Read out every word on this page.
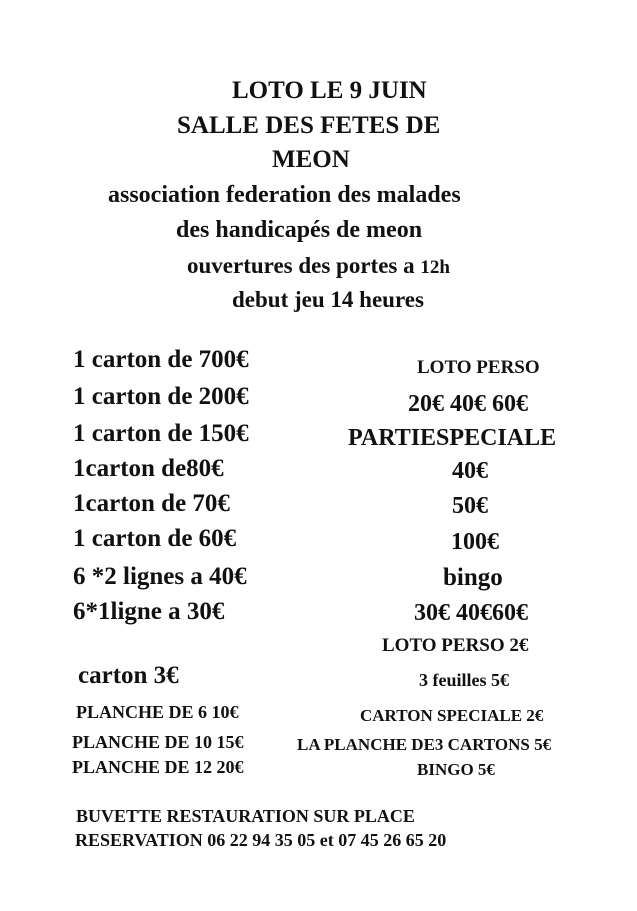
LOTO LE 9 JUIN
SALLE DES FETES DE
MEON
association federation des malades
des handicapés de meon
ouvertures des portes a 12h
debut jeu 14 heures
1 carton de 700€
1 carton de 200€
1 carton de 150€
1carton de80€
1carton de 70€
1 carton de 60€
6 *2 lignes a 40€
6*1ligne a 30€
LOTO PERSO
20€ 40€ 60€
PARTIESPECIALE
40€
50€
100€
bingo
30€ 40€60€
LOTO PERSO 2€
carton 3€
PLANCHE DE 6 10€
PLANCHE DE 10 15€
PLANCHE DE 12 20€
3 feuilles 5€
CARTON SPECIALE 2€
LA PLANCHE DE3 CARTONS 5€
BINGO 5€
BUVETTE RESTAURATION SUR PLACE
RESERVATION 06 22 94 35 05 et 07 45 26 65 20
